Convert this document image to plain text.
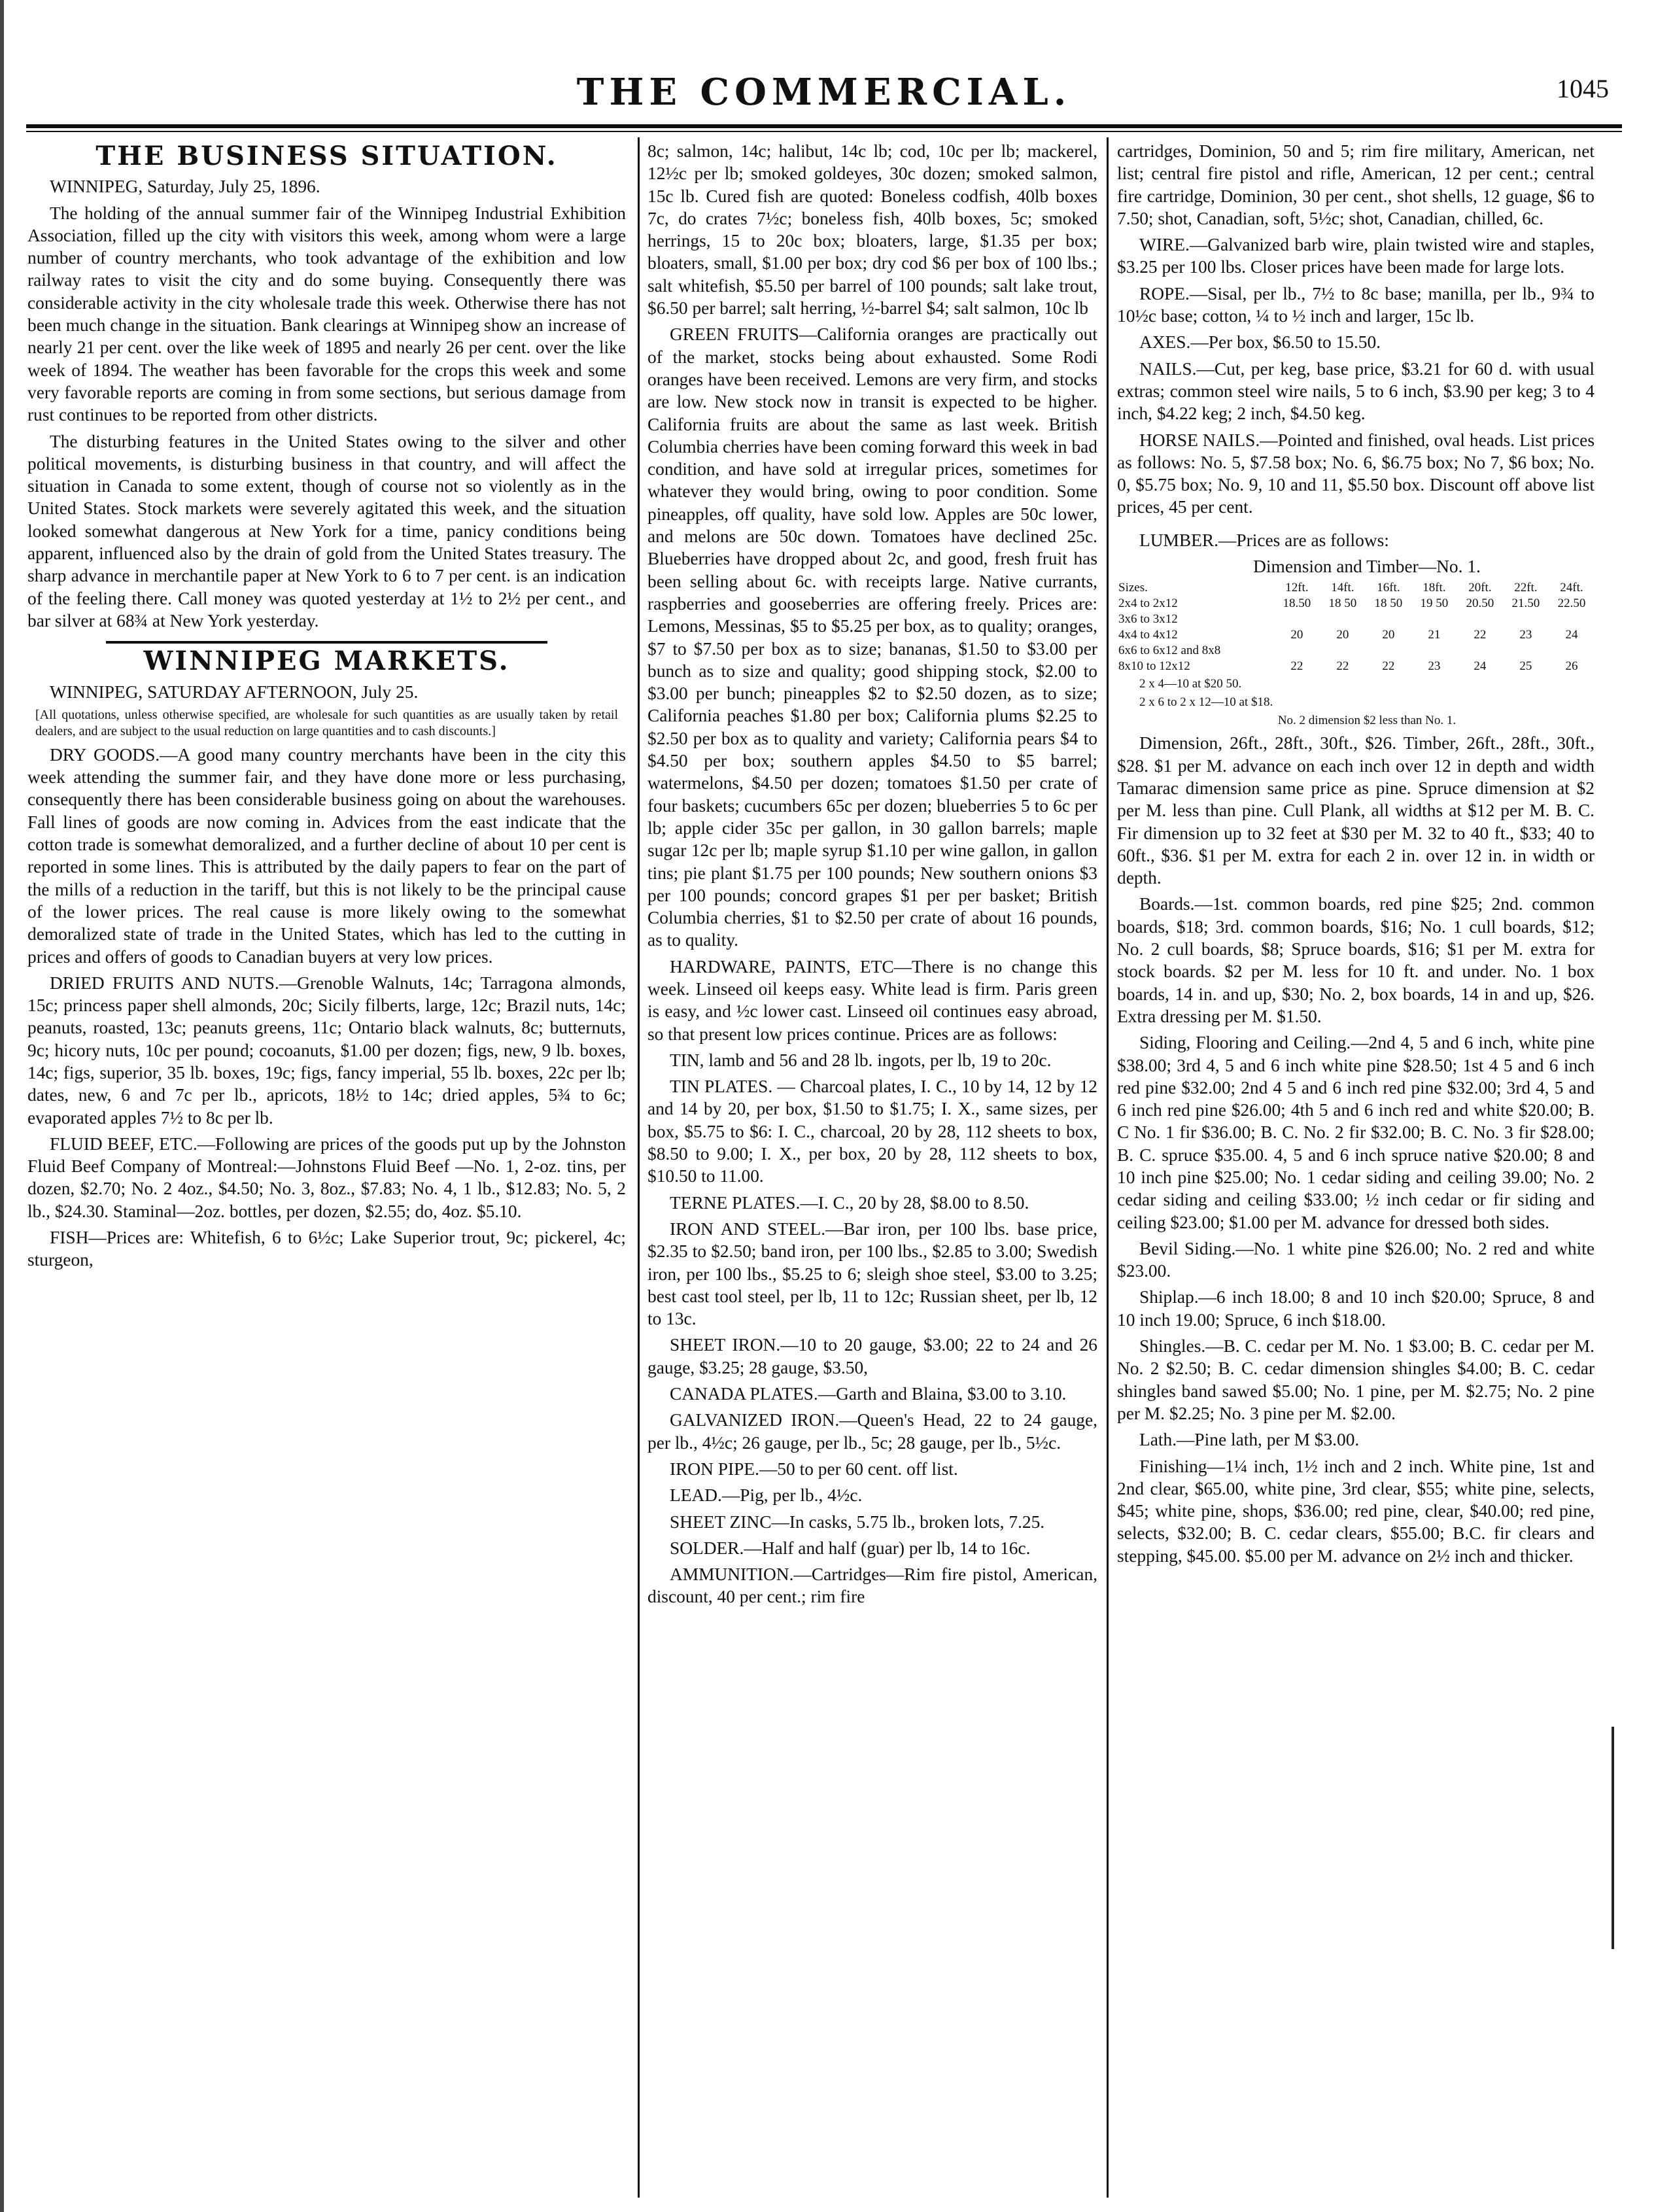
THE COMMERCIAL.	1045
THE BUSINESS SITUATION.

WINNIPEG, Saturday, July 25, 1896.

The holding of the annual summer fair of the Winnipeg Industrial Exhibition Association, filled up the city with visitors this week, among whom were a large number of country merchants, who took advantage of the exhibition and low railway rates to visit the city and do some buying. Consequently there was considerable activity in the city wholesale trade this week. Otherwise there has not been much change in the situation. Bank clearings at Winnipeg show an increase of nearly 21 per cent. over the like week of 1895 and nearly 26 per cent. over the like week of 1894. The weather has been favorable for the crops this week and some very favorable reports are coming in from some sections, but serious damage from rust continues to be reported from other districts.

The disturbing features in the United States owing to the silver and other political movements, is disturbing business in that country, and will affect the situation in Canada to some extent, though of course not so violently as in the United States. Stock markets were severely agitated this week, and the situation looked somewhat dangerous at New York for a time, panicy conditions being apparent, influenced also by the drain of gold from the United States treasury. The sharp advance in merchantile paper at New York to 6 to 7 per cent. is an indication of the feeling there. Call money was quoted yesterday at 1½ to 2½ per cent., and bar silver at 68¾ at New York yesterday.

WINNIPEG MARKETS.

WINNIPEG, SATURDAY AFTERNOON, July 25.

[All quotations, unless otherwise specified, are wholesale for such quantities as are usually taken by retail dealers, and are subject to the usual reduction on large quantities and to cash discounts.]

DRY GOODS.—A good many country merchants have been in the city this week attending the summer fair, and they have done more or less purchasing, consequently there has been considerable business going on about the warehouses. Fall lines of goods are now coming in. Advices from the east indicate that the cotton trade is somewhat demoralized, and a further decline of about 10 per cent is reported in some lines. This is attributed by the daily papers to fear on the part of the mills of a reduction in the tariff, but this is not likely to be the principal cause of the lower prices. The real cause is more likely owing to the somewhat demoralized state of trade in the United States, which has led to the cutting in prices and offers of goods to Canadian buyers at very low prices.

DRIED FRUITS AND NUTS.—Grenoble Walnuts, 14c; Tarragona almonds, 15c; princess paper shell almonds, 20c; Sicily filberts, large, 12c; Brazil nuts, 14c; peanuts, roasted, 13c; peanuts greens, 11c; Ontario black walnuts, 8c; butternuts, 9c; hicory nuts, 10c per pound; cocoanuts, $1.00 per dozen; figs, new, 9 lb. boxes, 14c; figs, superior, 35 lb. boxes, 19c; figs, fancy imperial, 55 lb. boxes, 22c per lb; dates, new, 6 and 7c per lb., apricots, 18½ to 14c; dried apples, 5¾ to 6c; evaporated apples 7½ to 8c per lb.

FLUID BEEF, ETC.—Following are prices of the goods put up by the Johnston Fluid Beef Company of Montreal:—Johnstons Fluid Beef —No. 1, 2-oz. tins, per dozen, $2.70; No. 2 4oz., $4.50; No. 3, 8oz., $7.83; No. 4, 1 lb., $12.83; No. 5, 2 lb., $24.30. Staminal—2oz. bottles, per dozen, $2.55; do, 4oz. $5.10.

FISH—Prices are: Whitefish, 6 to 6½c; Lake Superior trout, 9c; pickerel, 4c; sturgeon,

8c; salmon, 14c; halibut, 14c lb; cod, 10c per lb; mackerel, 12½c per lb; smoked goldeyes, 30c dozen; smoked salmon, 15c lb. Cured fish are quoted: Boneless codfish, 40lb boxes 7c, do crates 7½c; boneless fish, 40lb boxes, 5c; smoked herrings, 15 to 20c box; bloaters, large, $1.35 per box; bloaters, small, $1.00 per box; dry cod $6 per box of 100 lbs.; salt whitefish, $5.50 per barrel of 100 pounds; salt lake trout, $6.50 per barrel; salt herring, ½-barrel $4; salt salmon, 10c lb

GREEN FRUITS—California oranges are practically out of the market, stocks being about exhausted. Some Rodi oranges have been received. Lemons are very firm, and stocks are low. New stock now in transit is expected to be higher. California fruits are about the same as last week. British Columbia cherries have been coming forward this week in bad condition, and have sold at irregular prices, sometimes for whatever they would bring, owing to poor condition. Some pineapples, off quality, have sold low. Apples are 50c lower, and melons are 50c down. Tomatoes have declined 25c. Blueberries have dropped about 2c, and good, fresh fruit has been selling about 6c. with receipts large. Native currants, raspberries and gooseberries are offering freely. Prices are: Lemons, Messinas, $5 to $5.25 per box, as to quality; oranges, $7 to $7.50 per box as to size; bananas, $1.50 to $3.00 per bunch as to size and quality; good shipping stock, $2.00 to $3.00 per bunch; pineapples $2 to $2.50 dozen, as to size; California peaches $1.80 per box; California plums $2.25 to $2.50 per box as to quality and variety; California pears $4 to $4.50 per box; southern apples $4.50 to $5 barrel; watermelons, $4.50 per dozen; tomatoes $1.50 per crate of four baskets; cucumbers 65c per dozen; blueberries 5 to 6c per lb; apple cider 35c per gallon, in 30 gallon barrels; maple sugar 12c per lb; maple syrup $1.10 per wine gallon, in gallon tins; pie plant $1.75 per 100 pounds; New southern onions $3 per 100 pounds; concord grapes $1 per per basket; British Columbia cherries, $1 to $2.50 per crate of about 16 pounds, as to quality.

HARDWARE, PAINTS, ETC—There is no change this week. Linseed oil keeps easy. White lead is firm. Paris green is easy, and ½c lower cast. Linseed oil continues easy abroad, so that present low prices continue. Prices are as follows:

TIN, lamb and 56 and 28 lb. ingots, per lb, 19 to 20c.

TIN PLATES. — Charcoal plates, I. C., 10 by 14, 12 by 12 and 14 by 20, per box, $1.50 to $1.75; I. X., same sizes, per box, $5.75 to $6: I. C., charcoal, 20 by 28, 112 sheets to box, $8.50 to 9.00; I. X., per box, 20 by 28, 112 sheets to box, $10.50 to 11.00.

TERNE PLATES.—I. C., 20 by 28, $8.00 to 8.50.

IRON AND STEEL.—Bar iron, per 100 lbs. base price, $2.35 to $2.50; band iron, per 100 lbs., $2.85 to 3.00; Swedish iron, per 100 lbs., $5.25 to 6; sleigh shoe steel, $3.00 to 3.25; best cast tool steel, per lb, 11 to 12c; Russian sheet, per lb, 12 to 13c.

SHEET IRON.—10 to 20 gauge, $3.00; 22 to 24 and 26 gauge, $3.25; 28 gauge, $3.50,

CANADA PLATES.—Garth and Blaina, $3.00 to 3.10.

GALVANIZED IRON.—Queen's Head, 22 to 24 gauge, per lb., 4½c; 26 gauge, per lb., 5c; 28 gauge, per lb., 5½c.

IRON PIPE.—50 to per 60 cent. off list.

LEAD.—Pig, per lb., 4½c.

SHEET ZINC—In casks, 5.75 lb., broken lots, 7.25.

SOLDER.—Half and half (guar) per lb, 14 to 16c.

AMMUNITION.—Cartridges—Rim fire pistol, American, discount, 40 per cent.; rim fire

cartridges, Dominion, 50 and 5; rim fire military, American, net list; central fire pistol and rifle, American, 12 per cent.; central fire cartridge, Dominion, 30 per cent., shot shells, 12 guage, $6 to 7.50; shot, Canadian, soft, 5½c; shot, Canadian, chilled, 6c.

WIRE.—Galvanized barb wire, plain twisted wire and staples, $3.25 per 100 lbs. Closer prices have been made for large lots.

ROPE.—Sisal, per lb., 7½ to 8c base; manilla, per lb., 9¾ to 10½c base; cotton, ¼ to ½ inch and larger, 15c lb.

AXES.—Per box, $6.50 to 15.50.

NAILS.—Cut, per keg, base price, $3.21 for 60 d. with usual extras; common steel wire nails, 5 to 6 inch, $3.90 per keg; 3 to 4 inch, $4.22 keg; 2 inch, $4.50 keg.

HORSE NAILS.—Pointed and finished, oval heads. List prices as follows: No. 5, $7.58 box; No. 6, $6.75 box; No 7, $6 box; No. 0, $5.75 box; No. 9, 10 and 11, $5.50 box. Discount off above list prices, 45 per cent.

LUMBER.—Prices are as follows:

Dimension and Timber—No. 1.

Sizes.	12ft.	14ft.	16ft.	18ft.	20ft.	22ft.	24ft.
2x4 to 2x12	18.50	18 50	18 50	19 50	20.50	21.50	22.50
3x6 to 3x12							
4x4 to 4x12	20	20	20	21	22	23	24
6x6 to 6x12 and 8x8							
8x10 to 12x12	22	22	22	23	24	25	26

2 x 4—10 at $20 50.

2 x 6 to 2 x 12—10 at $18.

No. 2 dimension $2 less than No. 1.

Dimension, 26ft., 28ft., 30ft., $26. Timber, 26ft., 28ft., 30ft., $28. $1 per M. advance on each inch over 12 in depth and width Tamarac dimension same price as pine. Spruce dimension at $2 per M. less than pine. Cull Plank, all widths at $12 per M. B. C. Fir dimension up to 32 feet at $30 per M. 32 to 40 ft., $33; 40 to 60ft., $36. $1 per M. extra for each 2 in. over 12 in. in width or depth.

Boards.—1st. common boards, red pine $25; 2nd. common boards, $18; 3rd. common boards, $16; No. 1 cull boards, $12; No. 2 cull boards, $8; Spruce boards, $16; $1 per M. extra for stock boards. $2 per M. less for 10 ft. and under. No. 1 box boards, 14 in. and up, $30; No. 2, box boards, 14 in and up, $26. Extra dressing per M. $1.50.

Siding, Flooring and Ceiling.—2nd 4, 5 and 6 inch, white pine $38.00; 3rd 4, 5 and 6 inch white pine $28.50; 1st 4 5 and 6 inch red pine $32.00; 2nd 4 5 and 6 inch red pine $32.00; 3rd 4, 5 and 6 inch red pine $26.00; 4th 5 and 6 inch red and white $20.00; B. C No. 1 fir $36.00; B. C. No. 2 fir $32.00; B. C. No. 3 fir $28.00; B. C. spruce $35.00. 4, 5 and 6 inch spruce native $20.00; 8 and 10 inch pine $25.00; No. 1 cedar siding and ceiling 39.00; No. 2 cedar siding and ceiling $33.00; ½ inch cedar or fir siding and ceiling $23.00; $1.00 per M. advance for dressed both sides.

Bevil Siding.—No. 1 white pine $26.00; No. 2 red and white $23.00.

Shiplap.—6 inch 18.00; 8 and 10 inch $20.00; Spruce, 8 and 10 inch 19.00; Spruce, 6 inch $18.00.

Shingles.—B. C. cedar per M. No. 1 $3.00; B. C. cedar per M. No. 2 $2.50; B. C. cedar dimension shingles $4.00; B. C. cedar shingles band sawed $5.00; No. 1 pine, per M. $2.75; No. 2 pine per M. $2.25; No. 3 pine per M. $2.00.

Lath.—Pine lath, per M $3.00.

Finishing—1¼ inch, 1½ inch and 2 inch. White pine, 1st and 2nd clear, $65.00, white pine, 3rd clear, $55; white pine, selects, $45; white pine, shops, $36.00; red pine, clear, $40.00; red pine, selects, $32.00; B. C. cedar clears, $55.00; B.C. fir clears and stepping, $45.00. $5.00 per M. advance on 2½ inch and thicker.
